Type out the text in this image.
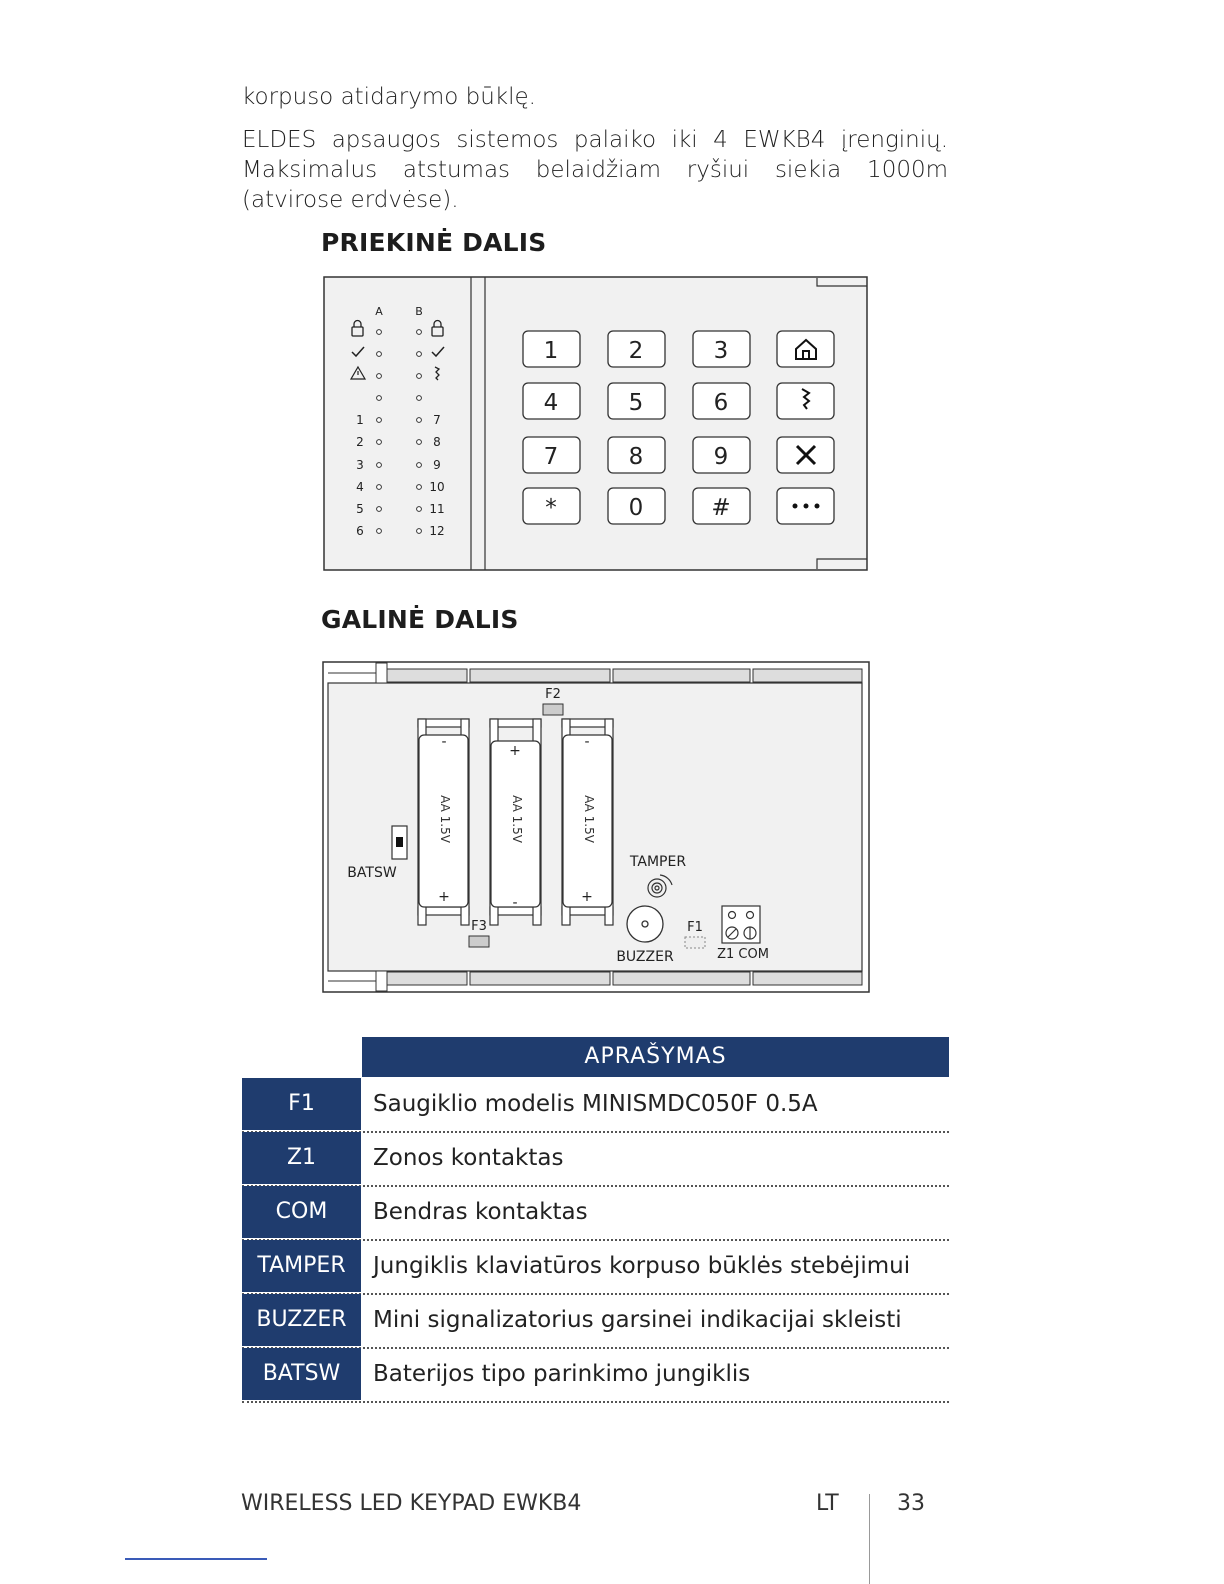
korpuso atidarymo būklę.
ELDES apsaugos sistemos palaiko iki 4 EWKB4 įrenginių. Maksimalus atstumas belaidžiam ryšiui siekia 1000m (atvirose erdvėse).
PRIEKINĖ DALIS
A	B
1
2
3
4
5
6
7
8
9
10
11
12
1	2	3
4	5	6
7	8	9
*	0	#
GALINĖ DALIS
F2
AA 1.5V	AA 1.5V	AA 1.5V
-
+
+
-
-
+
BATSW
F3
TAMPER
BUZZER
F1
Z1 COM
APRAŠYMAS
F1	Saugiklio modelis MINISMDC050F 0.5A
Z1	Zonos kontaktas
COM	Bendras kontaktas
TAMPER	Jungiklis klaviatūros korpuso būklės stebėjimui
BUZZER	Mini signalizatorius garsinei indikacijai skleisti
BATSW	Baterijos tipo parinkimo jungiklis
WIRELESS LED KEYPAD EWKB4	LT	33
